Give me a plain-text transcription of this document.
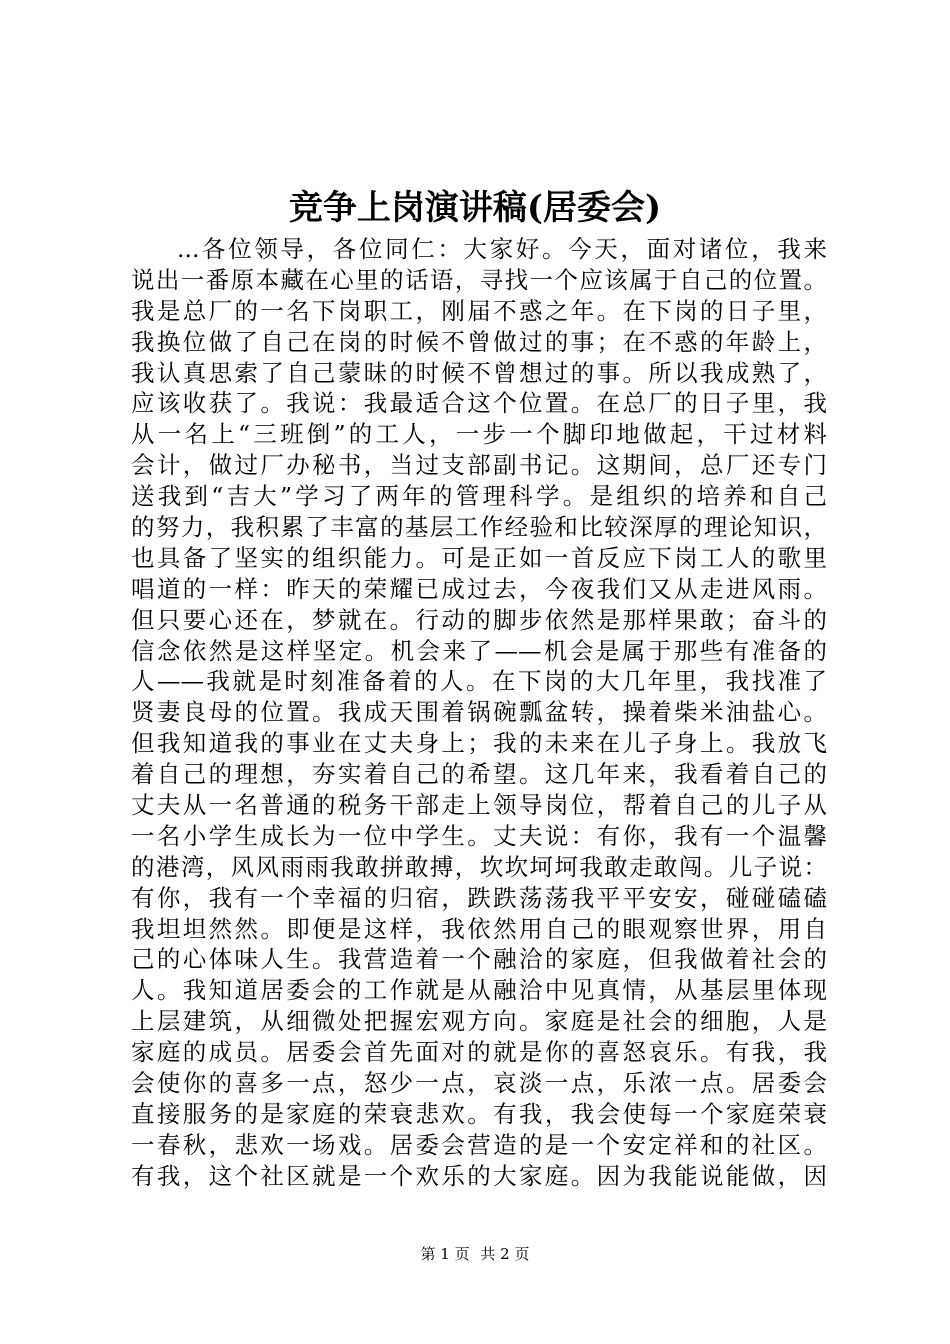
竞争上岗演讲稿(居委会)
...各位领导，各位同仁：大家好。今天，面对诸位，我来
说出一番原本藏在心里的话语，寻找一个应该属于自己的位置。
我是总厂的一名下岗职工，刚届不惑之年。在下岗的日子里，
我换位做了自己在岗的时候不曾做过的事；在不惑的年龄上，
我认真思索了自己蒙昧的时候不曾想过的事。所以我成熟了，
应该收获了。我说：我最适合这个位置。在总厂的日子里，我
从一名上“三班倒”的工人，一步一个脚印地做起，干过材料
会计，做过厂办秘书，当过支部副书记。这期间，总厂还专门
送我到“吉大”学习了两年的管理科学。是组织的培养和自己
的努力，我积累了丰富的基层工作经验和比较深厚的理论知识，
也具备了坚实的组织能力。可是正如一首反应下岗工人的歌里
唱道的一样：昨天的荣耀已成过去，今夜我们又从走进风雨。
但只要心还在，梦就在。行动的脚步依然是那样果敢；奋斗的
信念依然是这样坚定。机会来了——机会是属于那些有准备的
人——我就是时刻准备着的人。在下岗的大几年里，我找准了
贤妻良母的位置。我成天围着锅碗瓢盆转，操着柴米油盐心。
但我知道我的事业在丈夫身上；我的未来在儿子身上。我放飞
着自己的理想，夯实着自己的希望。这几年来，我看着自己的
丈夫从一名普通的税务干部走上领导岗位，帮着自己的儿子从
一名小学生成长为一位中学生。丈夫说：有你，我有一个温馨
的港湾，风风雨雨我敢拼敢搏，坎坎坷坷我敢走敢闯。儿子说：
有你，我有一个幸福的归宿，跌跌荡荡我平平安安，碰碰磕磕
我坦坦然然。即便是这样，我依然用自己的眼观察世界，用自
己的心体味人生。我营造着一个融洽的家庭，但我做着社会的
人。我知道居委会的工作就是从融洽中见真情，从基层里体现
上层建筑，从细微处把握宏观方向。家庭是社会的细胞，人是
家庭的成员。居委会首先面对的就是你的喜怒哀乐。有我，我
会使你的喜多一点，怒少一点，哀淡一点，乐浓一点。居委会
直接服务的是家庭的荣衰悲欢。有我，我会使每一个家庭荣衰
一春秋，悲欢一场戏。居委会营造的是一个安定祥和的社区。
有我，这个社区就是一个欢乐的大家庭。因为我能说能做，因
第 1 页 共 2 页
